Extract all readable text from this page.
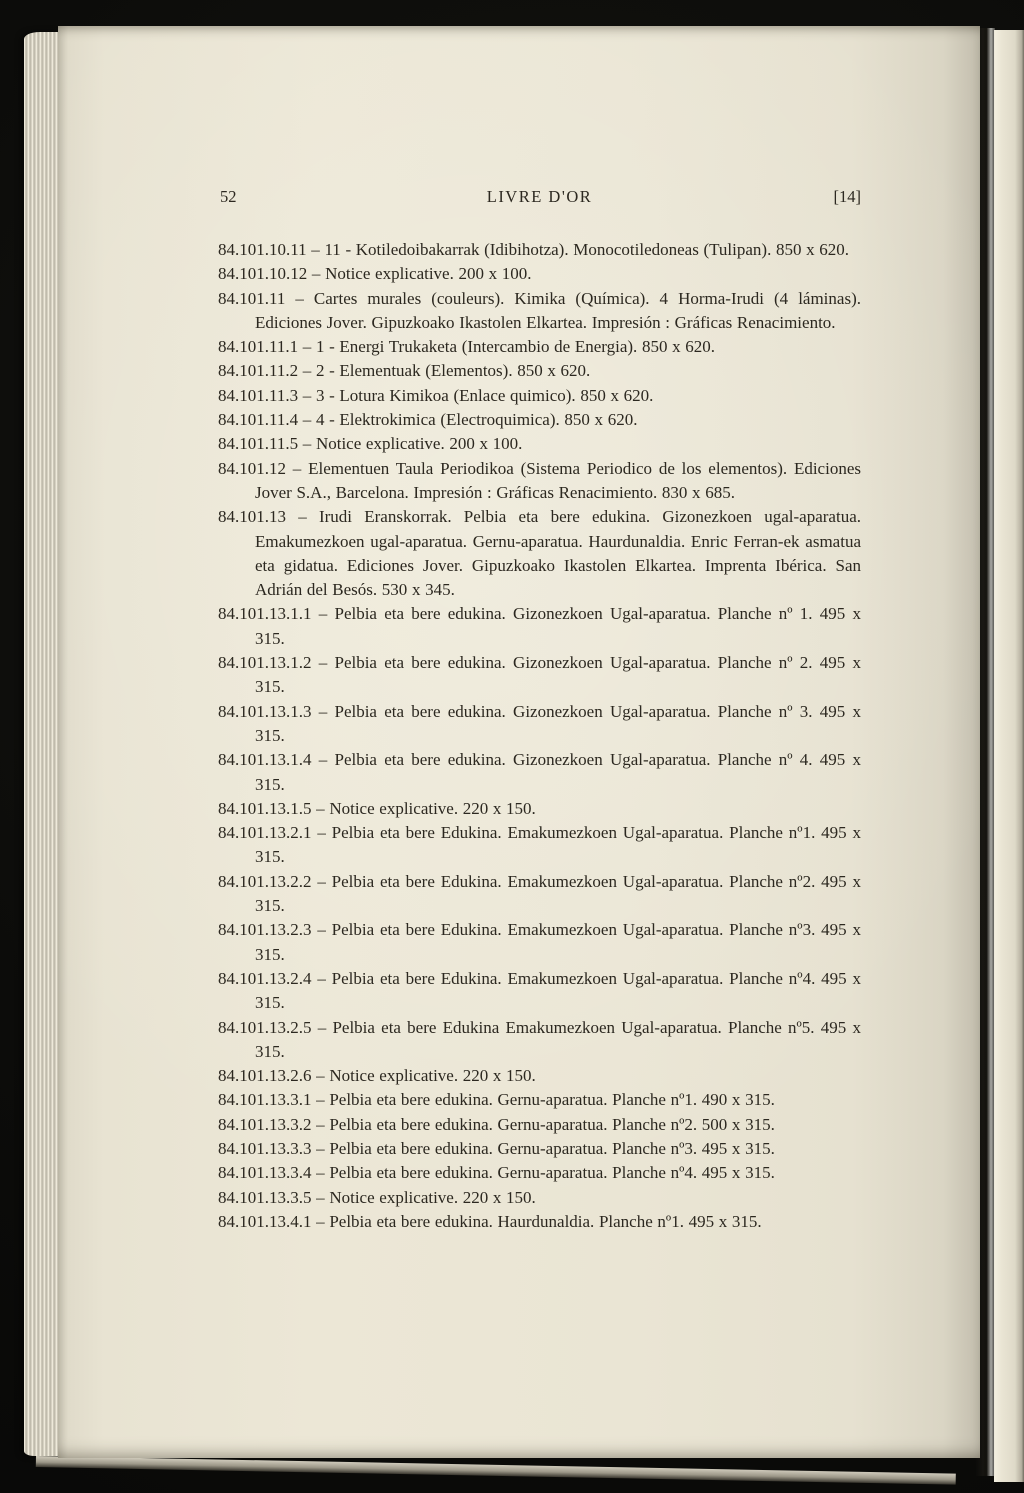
52	LIVRE D'OR	[14]

84.101.10.11 – 11 - Kotiledoibakarrak (Idibihotza). Monocotiledoneas (Tulipan). 850 x 620.

84.101.10.12 – Notice explicative. 200 x 100.

84.101.11 – Cartes murales (couleurs). Kimika (Química). 4 Horma-Irudi (4 láminas). Ediciones Jover. Gipuzkoako Ikastolen Elkartea. Impresión : Gráficas Renacimiento.

84.101.11.1 – 1 - Energi Trukaketa (Intercambio de Energia). 850 x 620.

84.101.11.2 – 2 - Elementuak (Elementos). 850 x 620.

84.101.11.3 – 3 - Lotura Kimikoa (Enlace quimico). 850 x 620.

84.101.11.4 – 4 - Elektrokimica (Electroquimica). 850 x 620.

84.101.11.5 – Notice explicative. 200 x 100.

84.101.12 – Elementuen Taula Periodikoa (Sistema Periodico de los elementos). Ediciones Jover S.A., Barcelona. Impresión : Gráficas Renacimiento. 830 x 685.

84.101.13 – Irudi Eranskorrak. Pelbia eta bere edukina. Gizonezkoen ugal-aparatua. Emakumezkoen ugal-aparatua. Gernu-aparatua. Haurdunaldia. Enric Ferran-ek asmatua eta gidatua. Ediciones Jover. Gipuzkoako Ikastolen Elkartea. Imprenta Ibérica. San Adrián del Besós. 530 x 345.

84.101.13.1.1 – Pelbia eta bere edukina. Gizonezkoen Ugal-aparatua. Planche nº 1. 495 x 315.

84.101.13.1.2 – Pelbia eta bere edukina. Gizonezkoen Ugal-aparatua. Planche nº 2. 495 x 315.

84.101.13.1.3 – Pelbia eta bere edukina. Gizonezkoen Ugal-aparatua. Planche nº 3. 495 x 315.

84.101.13.1.4 – Pelbia eta bere edukina. Gizonezkoen Ugal-aparatua. Planche nº 4. 495 x 315.

84.101.13.1.5 – Notice explicative. 220 x 150.

84.101.13.2.1 – Pelbia eta bere Edukina. Emakumezkoen Ugal-aparatua. Planche nº1. 495 x 315.

84.101.13.2.2 – Pelbia eta bere Edukina. Emakumezkoen Ugal-aparatua. Planche nº2. 495 x 315.

84.101.13.2.3 – Pelbia eta bere Edukina. Emakumezkoen Ugal-aparatua. Planche nº3. 495 x 315.

84.101.13.2.4 – Pelbia eta bere Edukina. Emakumezkoen Ugal-aparatua. Planche nº4. 495 x 315.

84.101.13.2.5 – Pelbia eta bere Edukina Emakumezkoen Ugal-aparatua. Planche nº5. 495 x 315.

84.101.13.2.6 – Notice explicative. 220 x 150.

84.101.13.3.1 – Pelbia eta bere edukina. Gernu-aparatua. Planche nº1. 490 x 315.

84.101.13.3.2 – Pelbia eta bere edukina. Gernu-aparatua. Planche nº2. 500 x 315.

84.101.13.3.3 – Pelbia eta bere edukina. Gernu-aparatua. Planche nº3. 495 x 315.

84.101.13.3.4 – Pelbia eta bere edukina. Gernu-aparatua. Planche nº4. 495 x 315.

84.101.13.3.5 – Notice explicative. 220 x 150.

84.101.13.4.1 – Pelbia eta bere edukina. Haurdunaldia. Planche nº1. 495 x 315.
